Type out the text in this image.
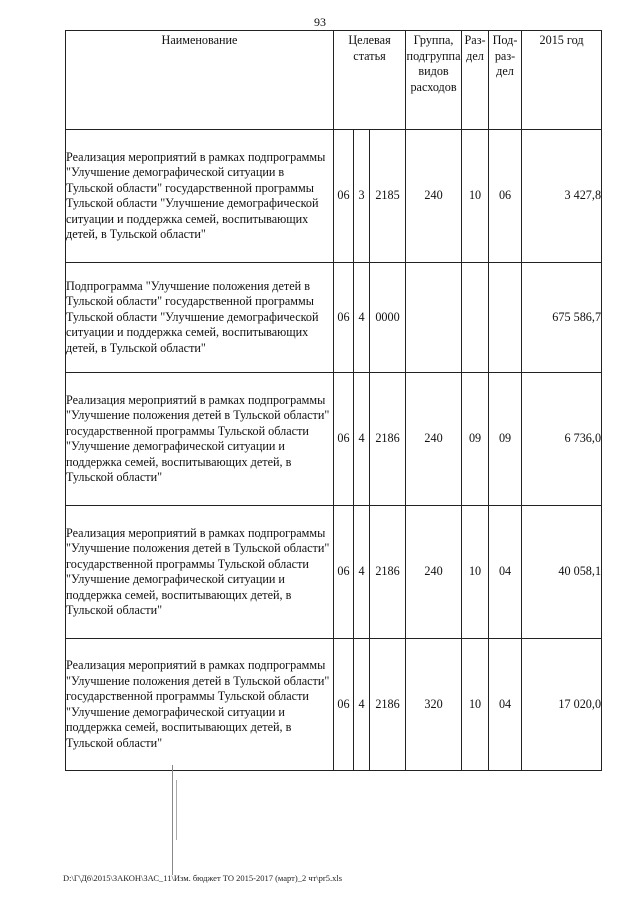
93
Наименование	Целевая статья			Группа, подгруппа видов расходов	Раз-дел	Под-раз-дел	2015 год
Реализация мероприятий в рамках подпрограммы "Улучшение демографической ситуации в Тульской области" государственной программы Тульской области "Улучшение демографической ситуации и поддержка семей, воспитывающих детей, в Тульской области"	06	3	2185	240	10	06	3 427,8
Подпрограмма "Улучшение положения детей в Тульской области" государственной программы Тульской области "Улучшение демографической ситуации и поддержка семей, воспитывающих детей, в Тульской области"	06	4	0000				675 586,7
Реализация мероприятий в рамках подпрограммы "Улучшение положения детей в Тульской области" государственной программы Тульской области "Улучшение демографической ситуации и поддержка семей, воспитывающих детей, в Тульской области"	06	4	2186	240	09	09	6 736,0
Реализация мероприятий в рамках подпрограммы "Улучшение положения детей в Тульской области" государственной программы Тульской области "Улучшение демографической ситуации и поддержка семей, воспитывающих детей, в Тульской области"	06	4	2186	240	10	04	40 058,1
Реализация мероприятий в рамках подпрограммы "Улучшение положения детей в Тульской области" государственной программы Тульской области "Улучшение демографической ситуации и поддержка семей, воспитывающих детей, в Тульской области"	06	4	2186	320	10	04	17 020,0
D:\Г\Д6\2015\ЗАКОН\ЗАС_11\Изм. бюджет ТО 2015-2017 (март)_2 чт\pr5.xls
